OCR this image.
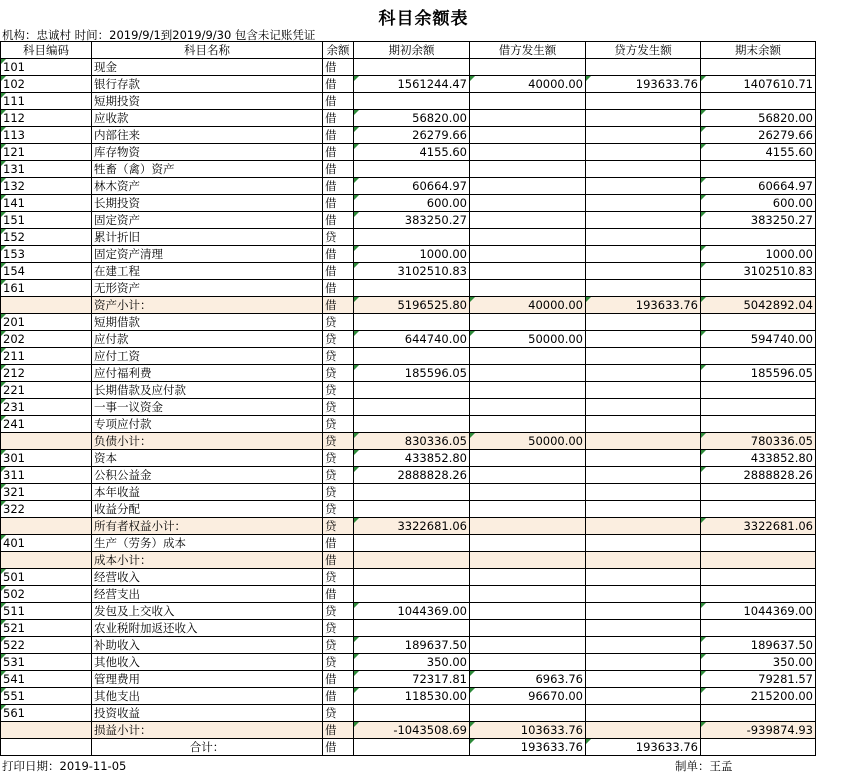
科目余额表
机构：忠诚村 时间：2019/9/1到2019/9/30 包含未记账凭证
科目编码	科目名称	余额	期初余额	借方发生额	贷方发生额	期末余额
101	现金	借				
102	银行存款	借	1561244.47	40000.00	193633.76	1407610.71
111	短期投资	借				
112	应收款	借	56820.00			56820.00
113	内部往来	借	26279.66			26279.66
121	库存物资	借	4155.60			4155.60
131	牲畜（禽）资产	借				
132	林木资产	借	60664.97			60664.97
141	长期投资	借	600.00			600.00
151	固定资产	借	383250.27			383250.27
152	累计折旧	贷				
153	固定资产清理	借	1000.00			1000.00
154	在建工程	借	3102510.83			3102510.83
161	无形资产	借				
	资产小计：	借	5196525.80	40000.00	193633.76	5042892.04
201	短期借款	贷				
202	应付款	贷	644740.00	50000.00		594740.00
211	应付工资	贷				
212	应付福利费	贷	185596.05			185596.05
221	长期借款及应付款	贷				
231	一事一议资金	贷				
241	专项应付款	贷				
	负债小计：	贷	830336.05	50000.00		780336.05
301	资本	贷	433852.80			433852.80
311	公积公益金	贷	2888828.26			2888828.26
321	本年收益	贷				
322	收益分配	贷				
	所有者权益小计：	贷	3322681.06			3322681.06
401	生产（劳务）成本	借				
	成本小计：	借				
501	经营收入	贷				
502	经营支出	借				
511	发包及上交收入	贷	1044369.00			1044369.00
521	农业税附加返还收入	贷				
522	补助收入	贷	189637.50			189637.50
531	其他收入	贷	350.00			350.00
541	管理费用	借	72317.81	6963.76		79281.57
551	其他支出	借	118530.00	96670.00		215200.00
561	投资收益	贷				
	损益小计：	借	-1043508.69	103633.76		-939874.93
	合计：	借		193633.76	193633.76	
打印日期：2019-11-05	制单：王孟
